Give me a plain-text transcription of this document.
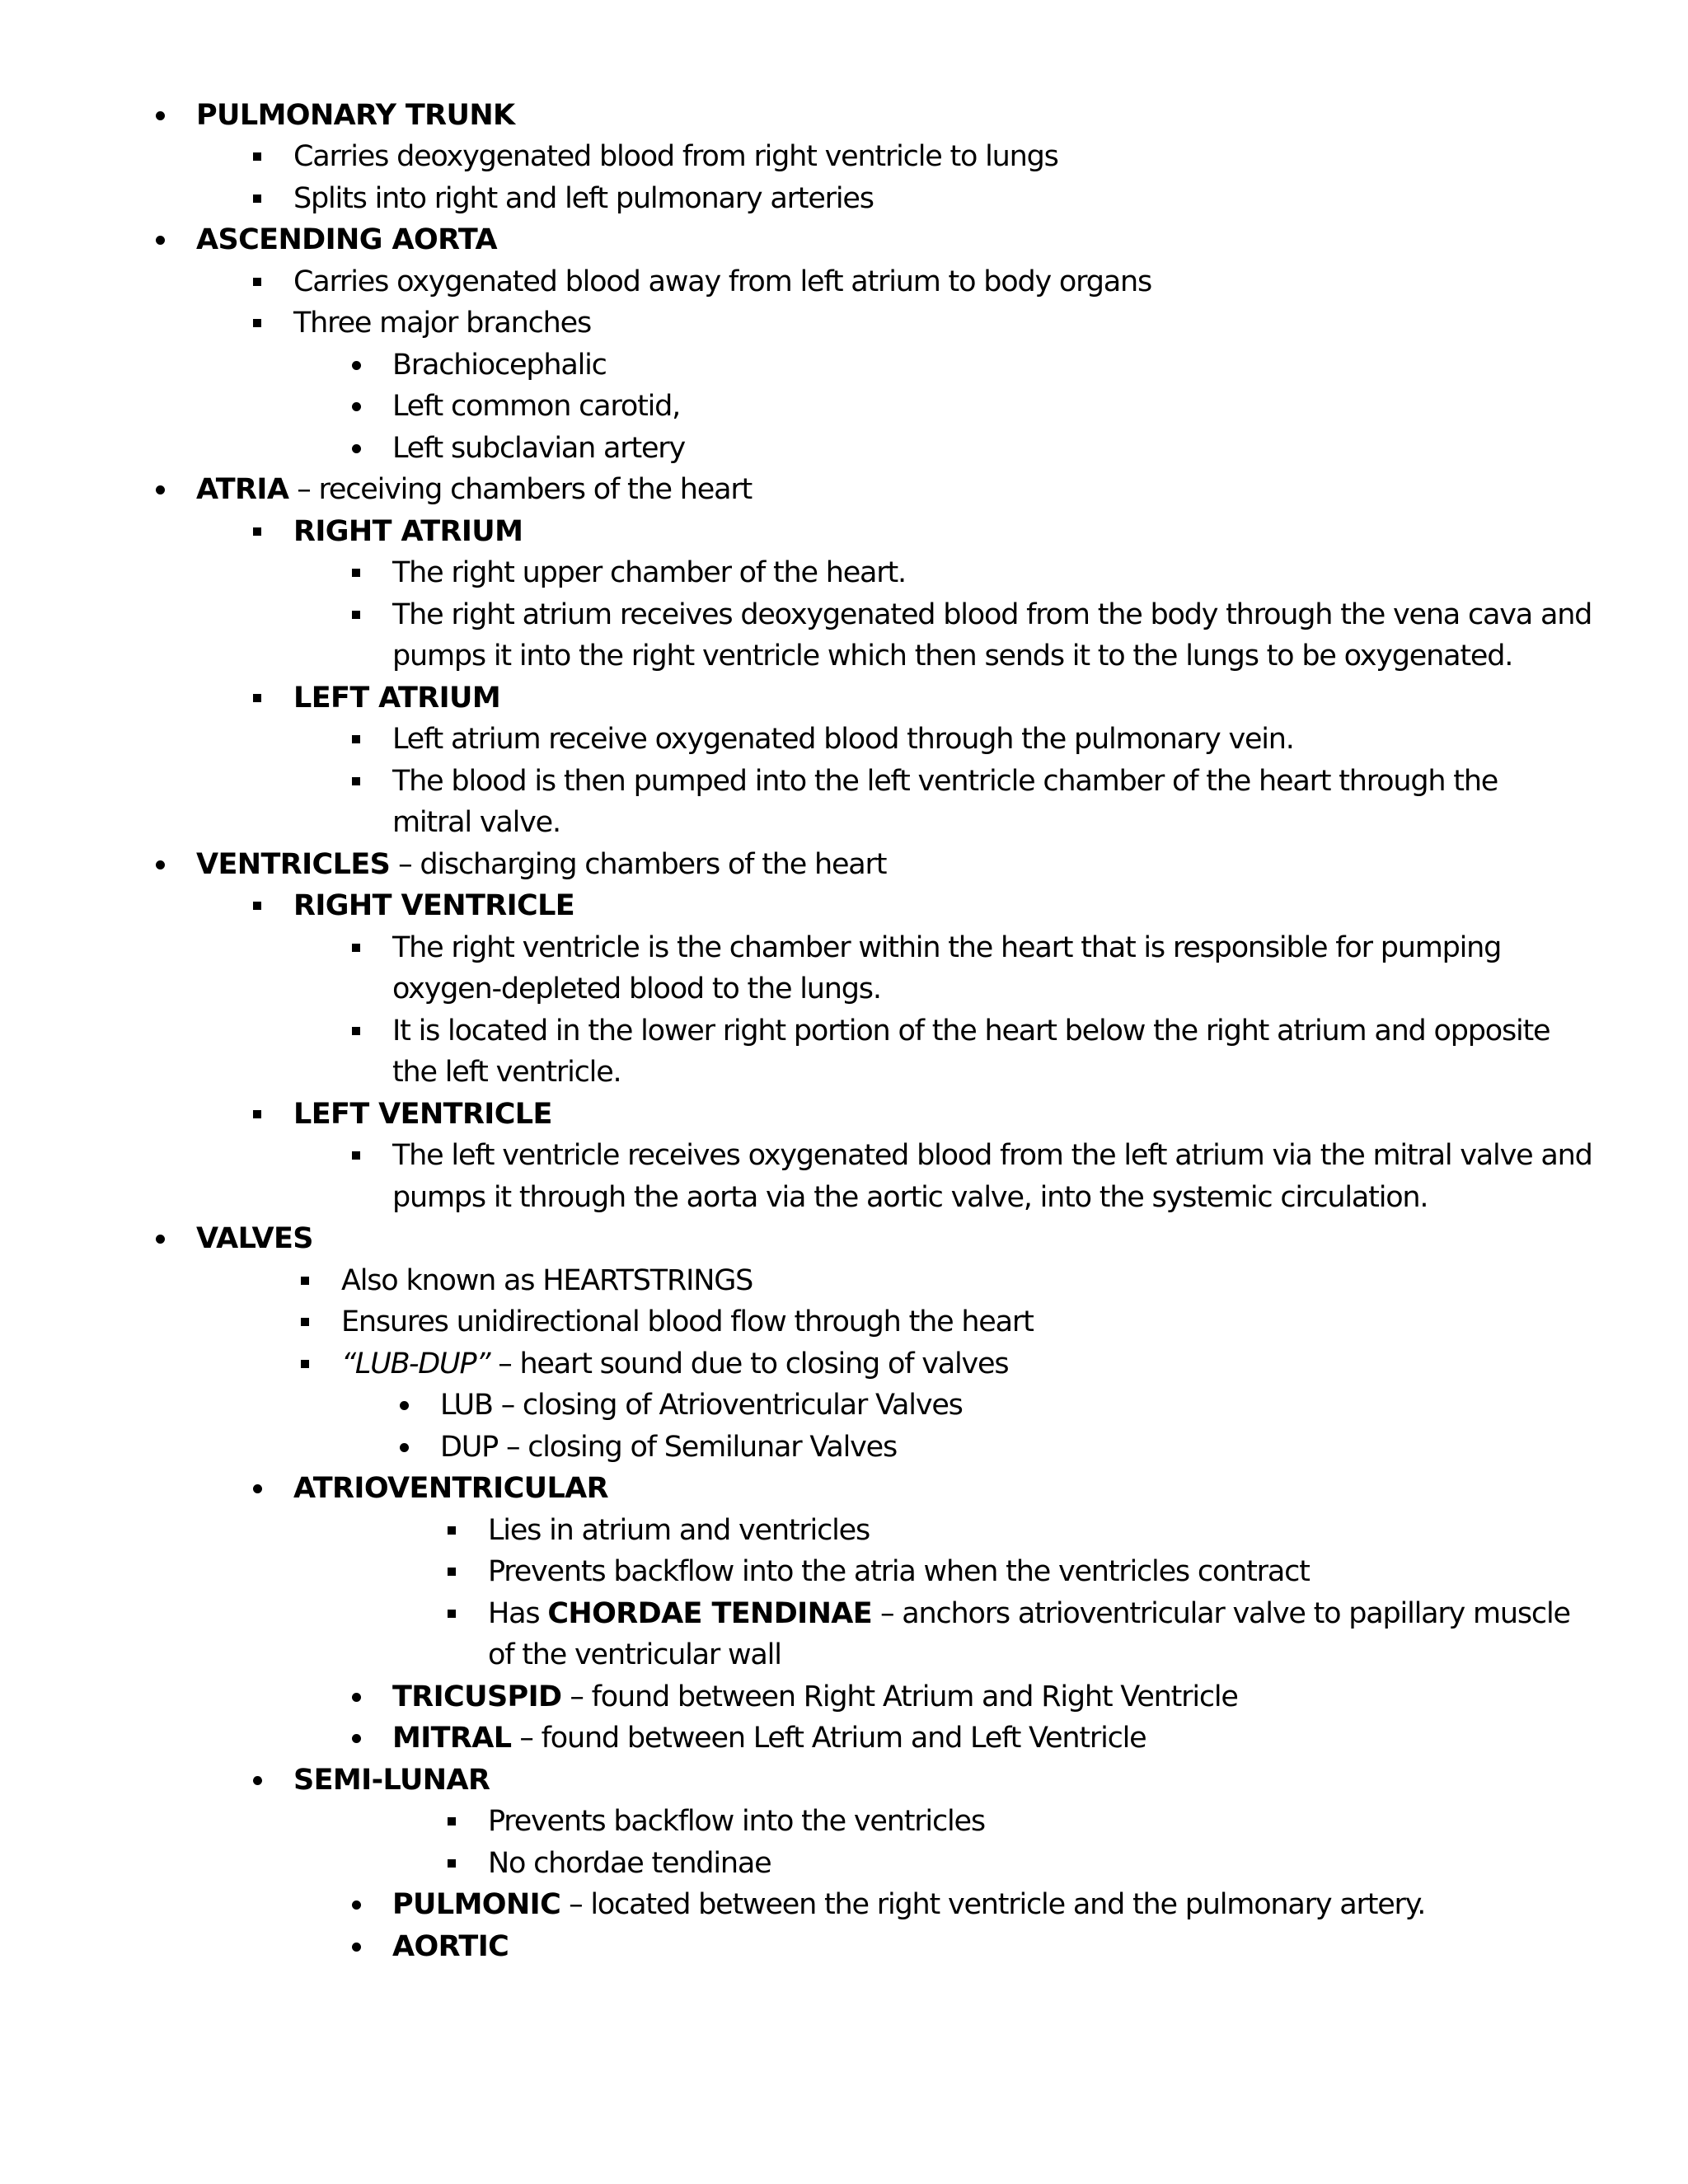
PULMONARY TRUNK
Carries deoxygenated blood from right ventricle to lungs
Splits into right and left pulmonary arteries
ASCENDING AORTA
Carries oxygenated blood away from left atrium to body organs
Three major branches
Brachiocephalic
Left common carotid,
Left subclavian artery
ATRIA – receiving chambers of the heart
RIGHT ATRIUM
The right upper chamber of the heart.
The right atrium receives deoxygenated blood from the body through the vena cava and
pumps it into the right ventricle which then sends it to the lungs to be oxygenated.
LEFT ATRIUM
Left atrium receive oxygenated blood through the pulmonary vein.
The blood is then pumped into the left ventricle chamber of the heart through the
mitral valve.
VENTRICLES – discharging chambers of the heart
RIGHT VENTRICLE
The right ventricle is the chamber within the heart that is responsible for pumping
oxygen-depleted blood to the lungs.
It is located in the lower right portion of the heart below the right atrium and opposite
the left ventricle.
LEFT VENTRICLE
The left ventricle receives oxygenated blood from the left atrium via the mitral valve and
pumps it through the aorta via the aortic valve, into the systemic circulation.
VALVES
Also known as HEARTSTRINGS
Ensures unidirectional blood flow through the heart
“LUB-DUP” – heart sound due to closing of valves
LUB – closing of Atrioventricular Valves
DUP – closing of Semilunar Valves
ATRIOVENTRICULAR
Lies in atrium and ventricles
Prevents backflow into the atria when the ventricles contract
Has CHORDAE TENDINAE – anchors atrioventricular valve to papillary muscle
of the ventricular wall
TRICUSPID – found between Right Atrium and Right Ventricle
MITRAL – found between Left Atrium and Left Ventricle
SEMI-LUNAR
Prevents backflow into the ventricles
No chordae tendinae
PULMONIC – located between the right ventricle and the pulmonary artery.
AORTIC
